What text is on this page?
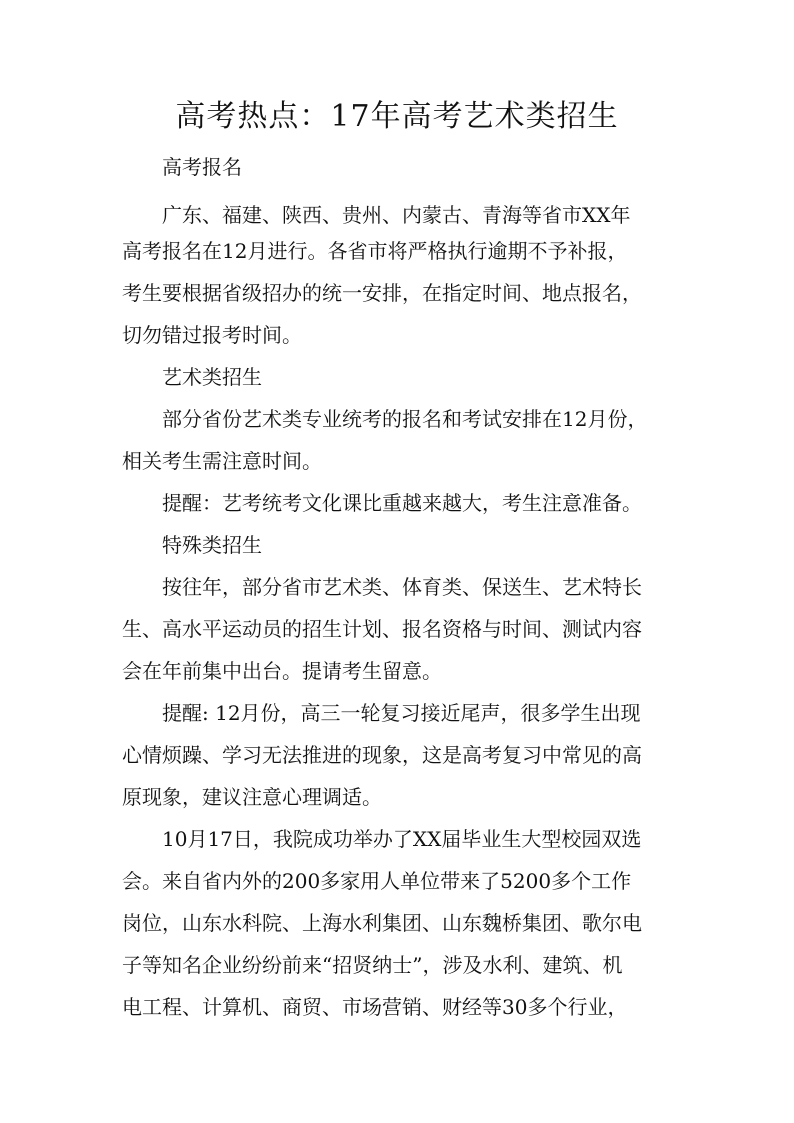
高考热点：17年高考艺术类招生
高考报名
广东、福建、陕西、贵州、内蒙古、青海等省市XX年
高考报名在12月进行。各省市将严格执行逾期不予补报，
考生要根据省级招办的统一安排，在指定时间、地点报名，
切勿错过报考时间。
艺术类招生
部分省份艺术类专业统考的报名和考试安排在12月份，
相关考生需注意时间。
提醒：艺考统考文化课比重越来越大，考生注意准备。
特殊类招生
按往年，部分省市艺术类、体育类、保送生、艺术特长
生、高水平运动员的招生计划、报名资格与时间、测试内容
会在年前集中出台。提请考生留意。
提醒: 12月份，高三一轮复习接近尾声，很多学生出现
心情烦躁、学习无法推进的现象，这是高考复习中常见的高
原现象，建议注意心理调适。
10月17日，我院成功举办了XX届毕业生大型校园双选
会。来自省内外的200多家用人单位带来了5200多个工作
岗位，山东水科院、上海水利集团、山东魏桥集团、歌尔电
子等知名企业纷纷前来“招贤纳士”，涉及水利、建筑、机
电工程、计算机、商贸、市场营销、财经等30多个行业，
